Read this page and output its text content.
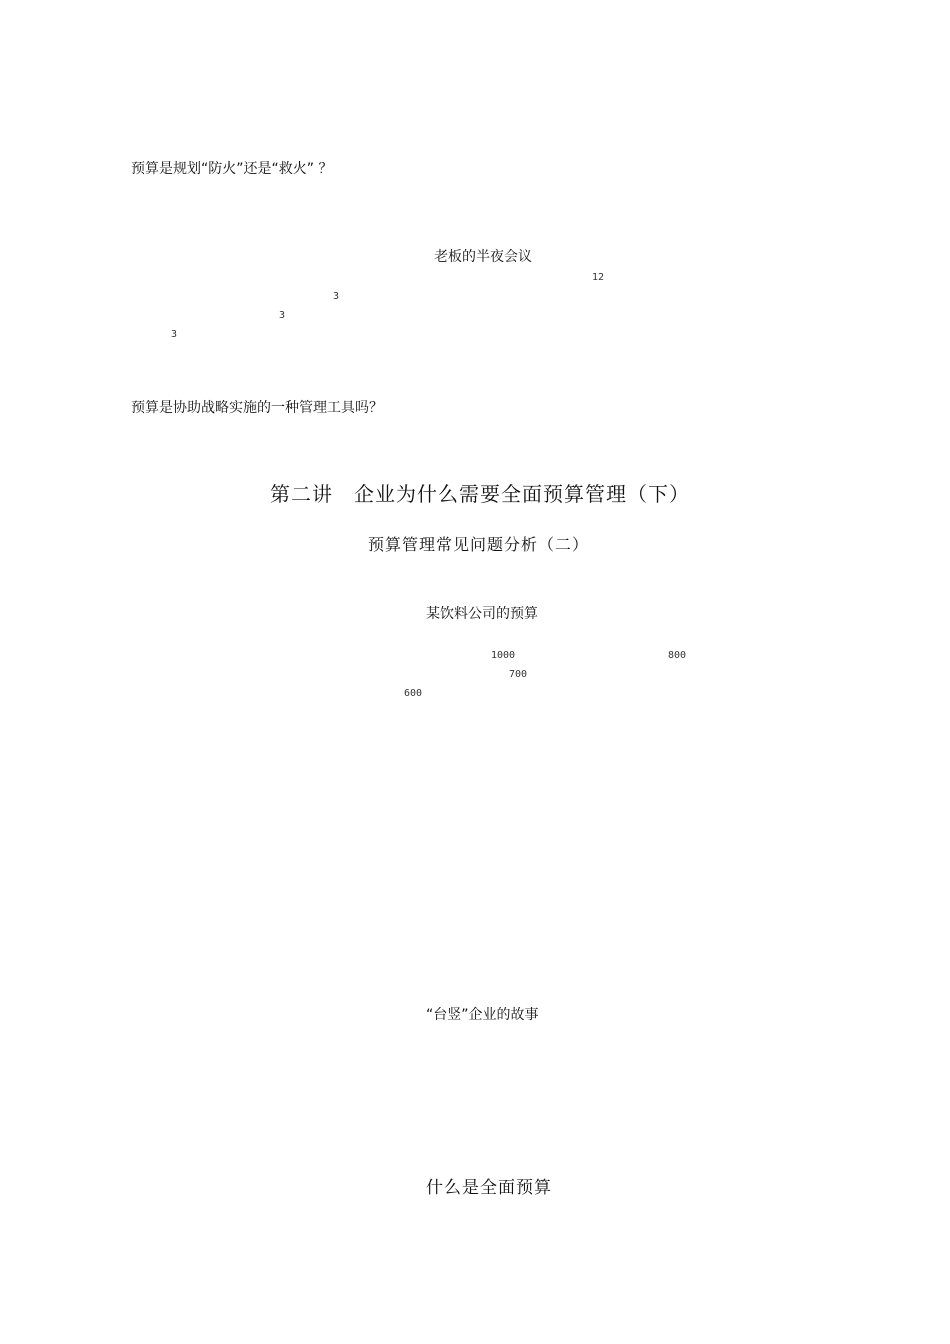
预算是规划“防火”还是“救火” ？
老板的半夜会议
12
3
3
3
预算是协助战略实施的一种管理工具吗？
第二讲　企业为什么需要全面预算管理（下）
预算管理常见问题分析（二）
某饮料公司的预算
1000	800
700
600
“台竖”企业的故事
什么是全面预算
